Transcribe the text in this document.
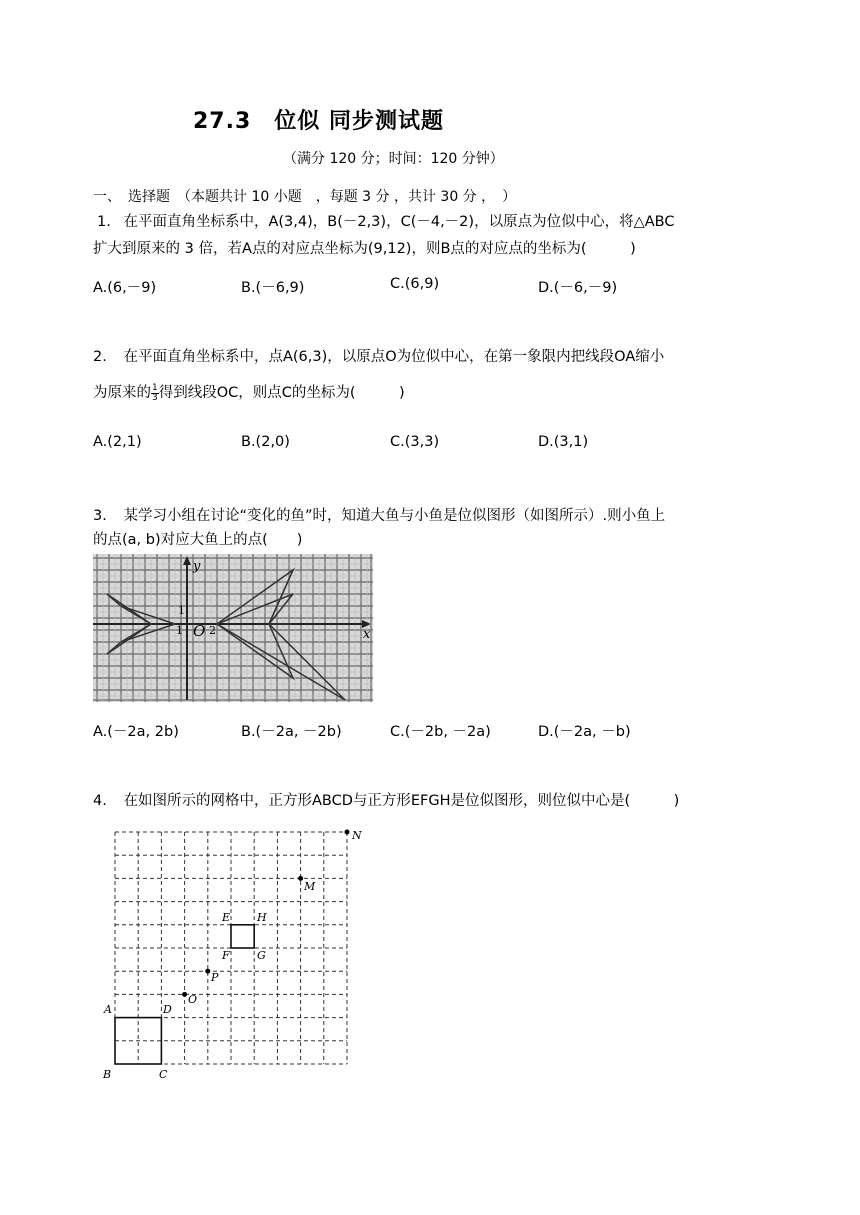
27.3　位似 同步测试题
（满分 120 分；时间：120 分钟）
一、　选择题　（本题共计 10 小题　，每题 3 分 ，共计 30 分 ，　）
1. 在平面直角坐标系中，A(3,4)，B(－2,3)，C(－4,－2)，以原点为位似中心，将△ABC
扩大到原来的 3 倍，若A点的对应点坐标为(9,12)，则B点的对应点的坐标为(　　　)
A.(6,－9)	B.(－6,9)	C.(6,9)	D.(－6,－9)
2. 在平面直角坐标系中，点A(6,3)，以原点O为位似中心，在第一象限内把线段OA缩小
为原来的 $\frac{1}{3}$ 得到线段OC，则点C的坐标为(　　　)
A.(2,1)	B.(2,0)	C.(3,3)	D.(3,1)
3. 某学习小组在讨论“变化的鱼”时，知道大鱼与小鱼是位似图形（如图所示）.则小鱼上
的点(a, b)对应大鱼上的点(　　)
y
x
O
1 2
1
A.(－2a, 2b)	B.(－2a, －2b)	C.(－2b, －2a)	D.(－2a, －b)
4. 在如图所示的网格中，正方形ABCD与正方形EFGH是位似图形，则位似中心是(　　　)
A
B	C
D
E
F G
H
O
P
M
N
